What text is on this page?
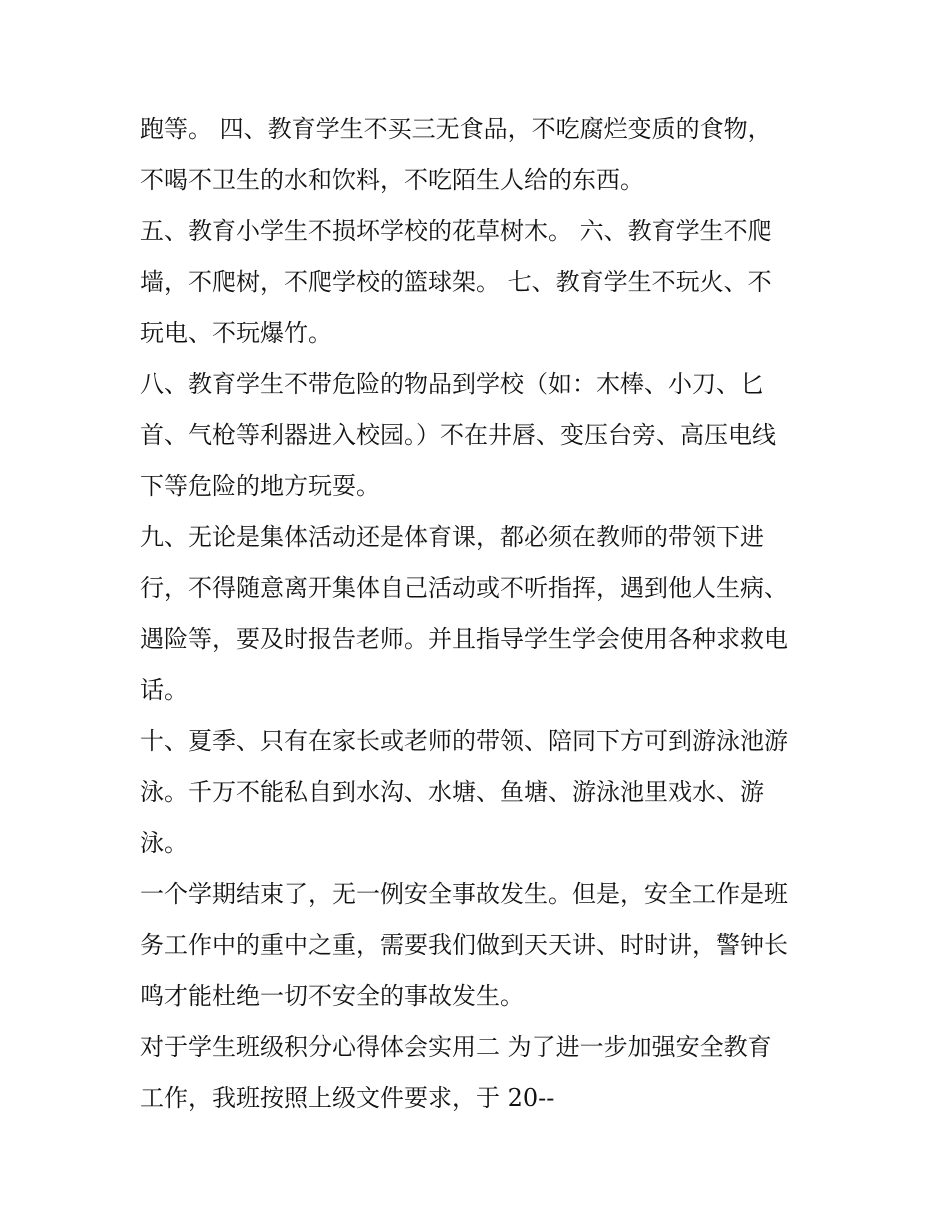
跑等。 四、教育学生不买三无食品，不吃腐烂变质的食物，
不喝不卫生的水和饮料，不吃陌生人给的东西。
五、教育小学生不损坏学校的花草树木。 六、教育学生不爬
墙，不爬树，不爬学校的篮球架。 七、教育学生不玩火、不
玩电、不玩爆竹。
八、教育学生不带危险的物品到学校（如：木棒、小刀、匕
首、气枪等利器进入校园。）不在井唇、变压台旁、高压电线
下等危险的地方玩耍。
九、无论是集体活动还是体育课，都必须在教师的带领下进
行，不得随意离开集体自己活动或不听指挥，遇到他人生病、
遇险等，要及时报告老师。并且指导学生学会使用各种求救电
话。
十、夏季、只有在家长或老师的带领、陪同下方可到游泳池游
泳。千万不能私自到水沟、水塘、鱼塘、游泳池里戏水、游
泳。
一个学期结束了，无一例安全事故发生。但是，安全工作是班
务工作中的重中之重，需要我们做到天天讲、时时讲，警钟长
鸣才能杜绝一切不安全的事故发生。
对于学生班级积分心得体会实用二 为了进一步加强安全教育
工作，我班按照上级文件要求，于 20--
